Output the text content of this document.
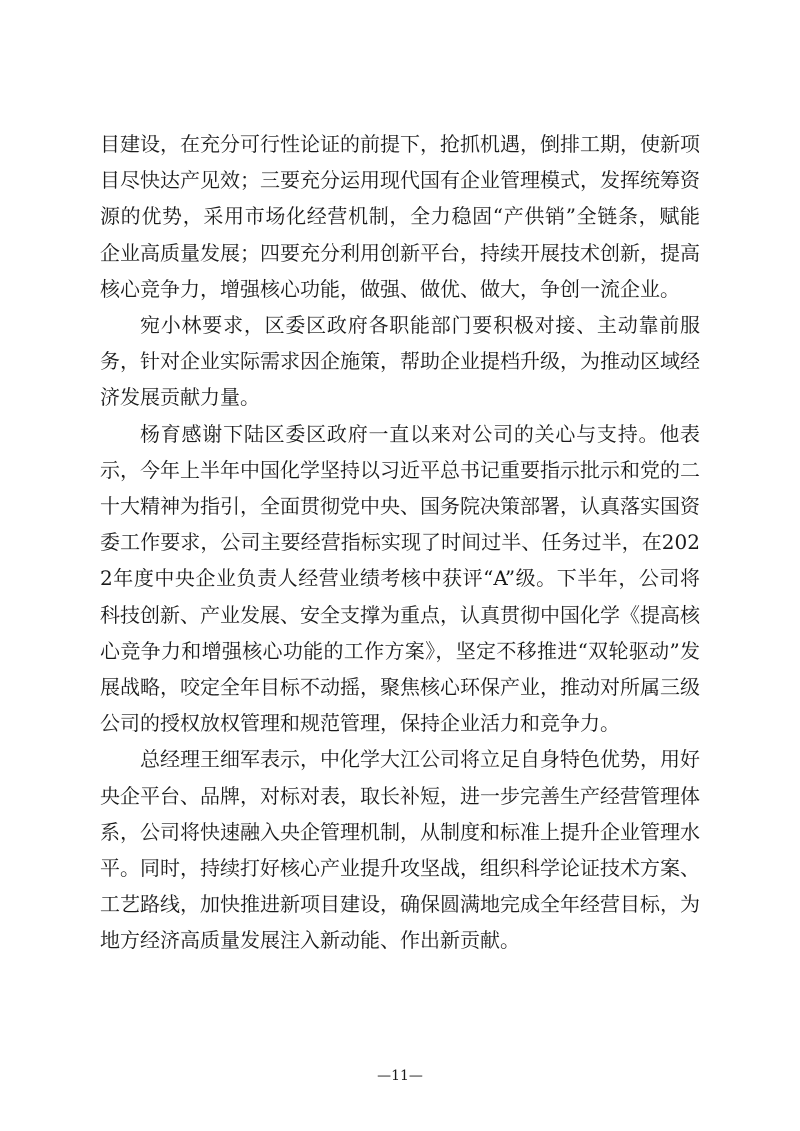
目建设，在充分可行性论证的前提下，抢抓机遇，倒排工期，使新项目尽快达产见效；三要充分运用现代国有企业管理模式，发挥统筹资源的优势，采用市场化经营机制，全力稳固“产供销”全链条，赋能企业高质量发展；四要充分利用创新平台，持续开展技术创新，提高核心竞争力，增强核心功能，做强、做优、做大，争创一流企业。

宛小林要求，区委区政府各职能部门要积极对接、主动靠前服务，针对企业实际需求因企施策，帮助企业提档升级，为推动区域经济发展贡献力量。

杨育感谢下陆区委区政府一直以来对公司的关心与支持。他表示，今年上半年中国化学坚持以习近平总书记重要指示批示和党的二十大精神为指引，全面贯彻党中央、国务院决策部署，认真落实国资委工作要求，公司主要经营指标实现了时间过半、任务过半，在2022年度中央企业负责人经营业绩考核中获评“A”级。下半年，公司将科技创新、产业发展、安全支撑为重点，认真贯彻中国化学《提高核心竞争力和增强核心功能的工作方案》，坚定不移推进“双轮驱动”发展战略，咬定全年目标不动摇，聚焦核心环保产业，推动对所属三级公司的授权放权管理和规范管理，保持企业活力和竞争力。

总经理王细军表示，中化学大江公司将立足自身特色优势，用好央企平台、品牌，对标对表，取长补短，进一步完善生产经营管理体系，公司将快速融入央企管理机制，从制度和标准上提升企业管理水平。同时，持续打好核心产业提升攻坚战，组织科学论证技术方案、工艺路线，加快推进新项目建设，确保圆满地完成全年经营目标，为地方经济高质量发展注入新动能、作出新贡献。

—11—
